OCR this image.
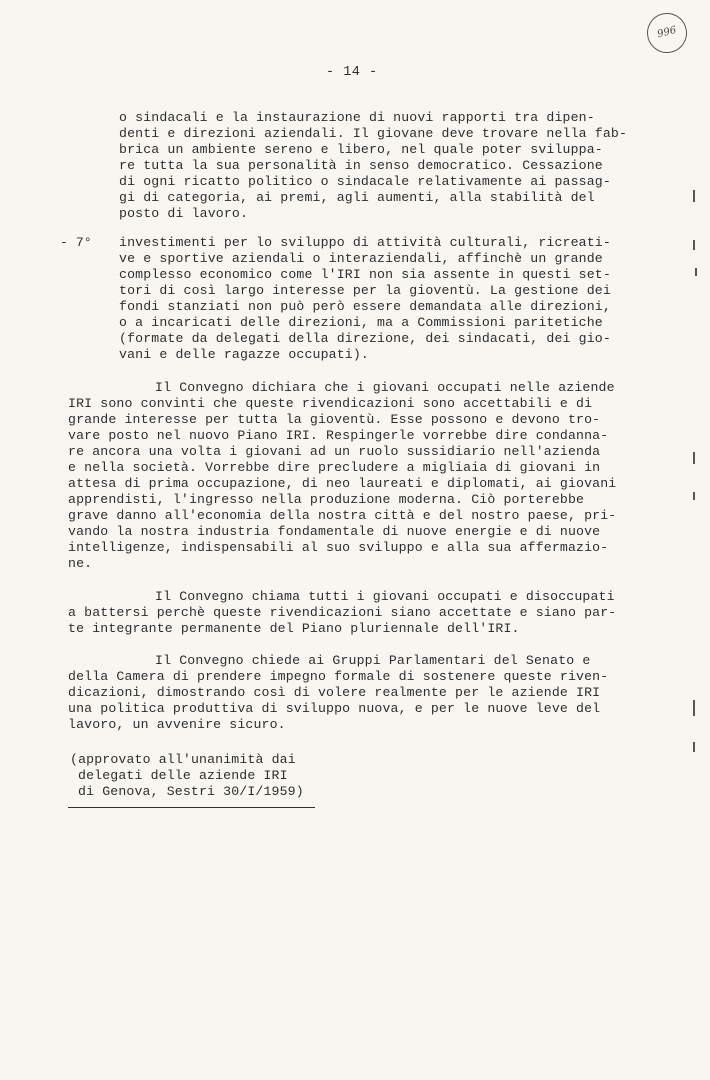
996
- 14 -
o sindacali e la instaurazione di nuovi rapporti tra dipen-
denti e direzioni aziendali. Il giovane deve trovare nella fab-
brica un ambiente sereno e libero, nel quale poter sviluppa-
re tutta la sua personalità in senso democratico. Cessazione
di ogni ricatto politico o sindacale relativamente ai passag-
gi di categoria, ai premi, agli aumenti, alla stabilità del
posto di lavoro.
- 7° investimenti per lo sviluppo di attività culturali, ricreati-
ve e sportive aziendali o interaziendali, affinchè un grande
complesso economico come l'IRI non sia assente in questi set-
tori di così largo interesse per la gioventù. La gestione dei
fondi stanziati non può però essere demandata alle direzioni,
o a incaricati delle direzioni, ma a Commissioni paritetiche
(formate da delegati della direzione, dei sindacati, dei gio-
vani e delle ragazze occupati).
Il Convegno dichiara che i giovani occupati nelle aziende
IRI sono convinti che queste rivendicazioni sono accettabili e di
grande interesse per tutta la gioventù. Esse possono e devono tro-
vare posto nel nuovo Piano IRI. Respingerle vorrebbe dire condanna-
re ancora una volta i giovani ad un ruolo sussidiario nell'azienda
e nella società. Vorrebbe dire precludere a migliaia di giovani in
attesa di prima occupazione, di neo laureati e diplomati, ai giovani
apprendisti, l'ingresso nella produzione moderna. Ciò porterebbe
grave danno all'economia della nostra città e del nostro paese, pri-
vando la nostra industria fondamentale di nuove energie e di nuove
intelligenze, indispensabili al suo sviluppo e alla sua affermazio-
ne.
Il Convegno chiama tutti i giovani occupati e disoccupati
a battersi perchè queste rivendicazioni siano accettate e siano par-
te integrante permanente del Piano pluriennale dell'IRI.
Il Convegno chiede ai Gruppi Parlamentari del Senato e
della Camera di prendere impegno formale di sostenere queste riven-
dicazioni, dimostrando così di volere realmente per le aziende IRI
una politica produttiva di sviluppo nuova, e per le nuove leve del
lavoro, un avvenire sicuro.
(approvato all'unanimità dai
delegati delle aziende IRI
di Genova, Sestri 30/I/1959)
